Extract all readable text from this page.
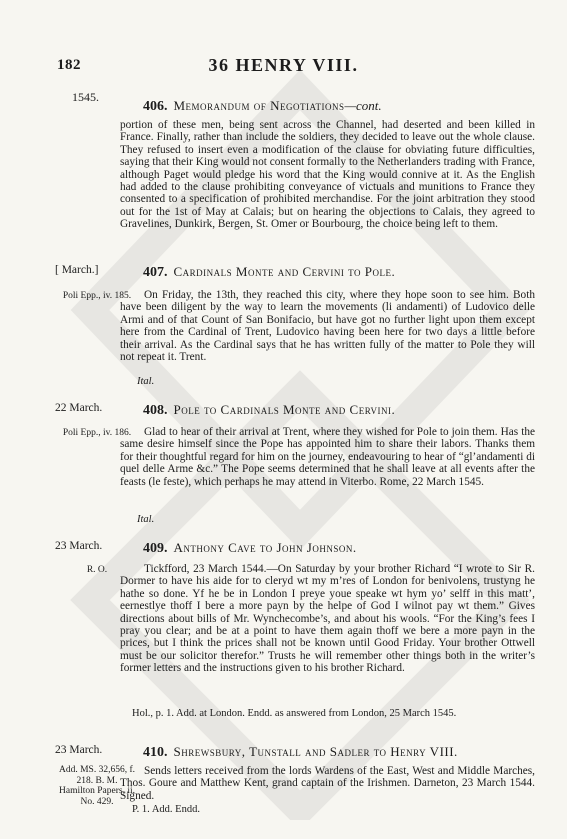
182	36 HENRY VIII.
1545.
406. Memorandum of Negotiations—cont.

portion of these men, being sent across the Channel, had deserted and been killed in France. Finally, rather than include the soldiers, they decided to leave out the whole clause. They refused to insert even a modification of the clause for obviating future difficulties, saying that their King would not consent formally to the Netherlanders trading with France, although Paget would pledge his word that the King would connive at it. As the English had added to the clause prohibiting conveyance of victuals and munitions to France they consented to a specification of prohibited merchandise. For the joint arbitration they stood out for the 1st of May at Calais; but on hearing the objections to Calais, they agreed to Gravelines, Dunkirk, Bergen, St. Omer or Bourbourg, the choice being left to them.

[ March.]	407. Cardinals Monte and Cervini to Pole.
Poli Epp., iv. 185.	On Friday, the 13th, they reached this city, where they hope soon to see him. Both have been diligent by the way to learn the movements (li andamenti) of Ludovico delle Armi and of that Count of San Bonifacio, but have got no further light upon them except here from the Cardinal of Trent, Ludovico having been here for two days a little before their arrival. As the Cardinal says that he has written fully of the matter to Pole they will not repeat it. Trent.

Ital.
22 March.	408. Pole to Cardinals Monte and Cervini.
Poli Epp., iv. 186.	Glad to hear of their arrival at Trent, where they wished for Pole to join them. Has the same desire himself since the Pope has appointed him to share their labors. Thanks them for their thoughtful regard for him on the journey, endeavouring to hear of “gl’andamenti di quel delle Arme &c.” The Pope seems determined that he shall leave at all events after the feasts (le feste), which perhaps he may attend in Viterbo. Rome, 22 March 1545.

Ital.
23 March.	409. Anthony Cave to John Johnson.
R. O.	Tickfford, 23 March 1544.—On Saturday by your brother Richard “I wrote to Sir R. Dormer to have his aide for to cleryd wt my m’res of London for benivolens, trustyng he hathe so done. Yf he be in London I preye youe speake wt hym yo’ selff in this matt’, eernestlye thoff I bere a more payn by the helpe of God I wilnot pay wt them.” Gives directions about bills of Mr. Wynchecombe’s, and about his wools. “For the King’s fees I pray you clear; and be at a point to have them again thoff we bere a more payn in the prices, but I think the prices shall not be known until Good Friday. Your brother Ottwell must be our solicitor therefor.” Trusts he will remember other things both in the writer’s former letters and the instructions given to his brother Richard.

Hol., p. 1. Add. at London. Endd. as answered from London, 25 March 1545.

23 March.	410. Shrewsbury, Tunstall and Sadler to Henry VIII.
Add. MS. 32,656, f. 218. B. M. Hamilton Papers, ii. No. 429.

Sends letters received from the lords Wardens of the East, West and Middle Marches, Thos. Goure and Matthew Kent, grand captain of the Irishmen. Darneton, 23 March 1544. Signed.

P. 1. Add. Endd.
